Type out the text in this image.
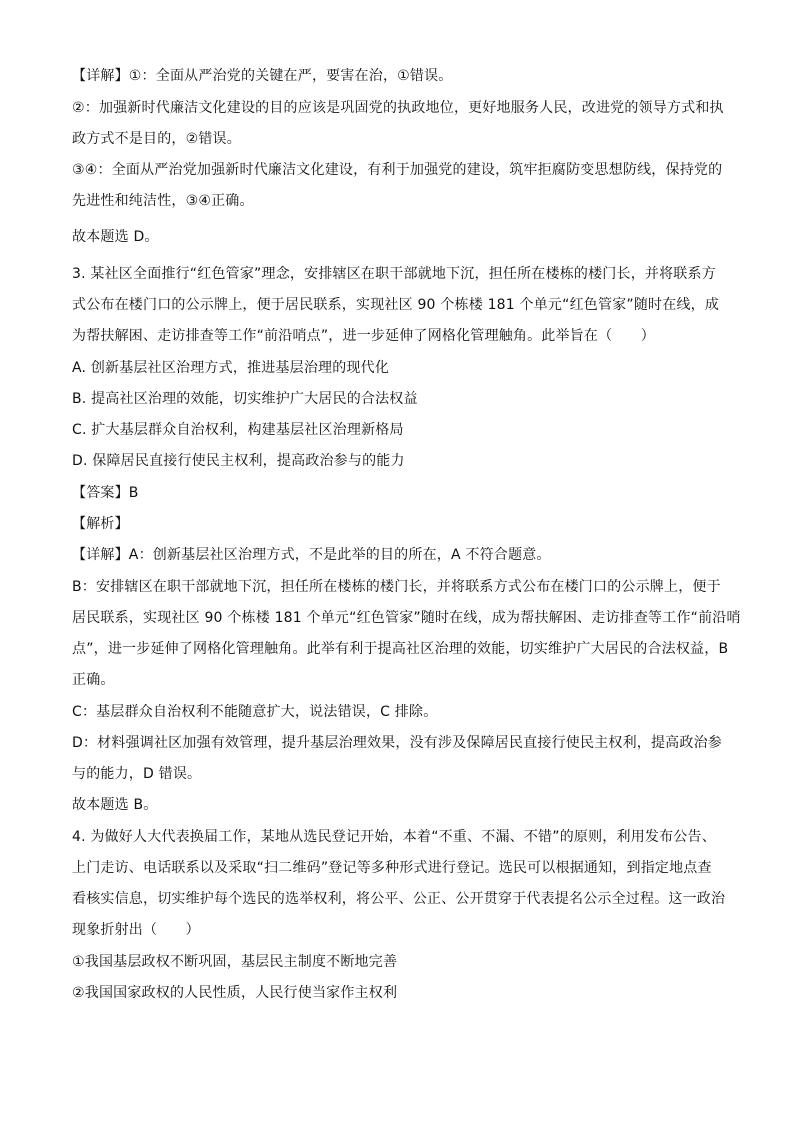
【详解】①：全面从严治党的关键在严，要害在治，①错误。
②：加强新时代廉洁文化建设的目的应该是巩固党的执政地位，更好地服务人民，改进党的领导方式和执
政方式不是目的，②错误。
③④：全面从严治党加强新时代廉洁文化建设，有利于加强党的建设，筑牢拒腐防变思想防线，保持党的
先进性和纯洁性，③④正确。
故本题选 D。
3. 某社区全面推行“红色管家”理念，安排辖区在职干部就地下沉，担任所在楼栋的楼门长，并将联系方
式公布在楼门口的公示牌上，便于居民联系，实现社区 90 个栋楼 181 个单元“红色管家”随时在线，成
为帮扶解困、走访排查等工作“前沿哨点”，进一步延伸了网格化管理触角。此举旨在（　　）
A. 创新基层社区治理方式，推进基层治理的现代化
B. 提高社区治理的效能，切实维护广大居民的合法权益
C. 扩大基层群众自治权利，构建基层社区治理新格局
D. 保障居民直接行使民主权利，提高政治参与的能力
【答案】B
【解析】
【详解】A：创新基层社区治理方式，不是此举的目的所在，A 不符合题意。
B：安排辖区在职干部就地下沉，担任所在楼栋的楼门长，并将联系方式公布在楼门口的公示牌上，便于
居民联系，实现社区 90 个栋楼 181 个单元“红色管家”随时在线，成为帮扶解困、走访排查等工作“前沿哨
点”，进一步延伸了网格化管理触角。此举有利于提高社区治理的效能，切实维护广大居民的合法权益，B
正确。
C：基层群众自治权利不能随意扩大，说法错误，C 排除。
D：材料强调社区加强有效管理，提升基层治理效果，没有涉及保障居民直接行使民主权利，提高政治参
与的能力，D 错误。
故本题选 B。
4. 为做好人大代表换届工作，某地从选民登记开始，本着“不重、不漏、不错”的原则，利用发布公告、
上门走访、电话联系以及采取“扫二维码”登记等多种形式进行登记。选民可以根据通知，到指定地点查
看核实信息，切实维护每个选民的选举权利，将公平、公正、公开贯穿于代表提名公示全过程。这一政治
现象折射出（　　）
①我国基层政权不断巩固，基层民主制度不断地完善
②我国国家政权的人民性质，人民行使当家作主权利
